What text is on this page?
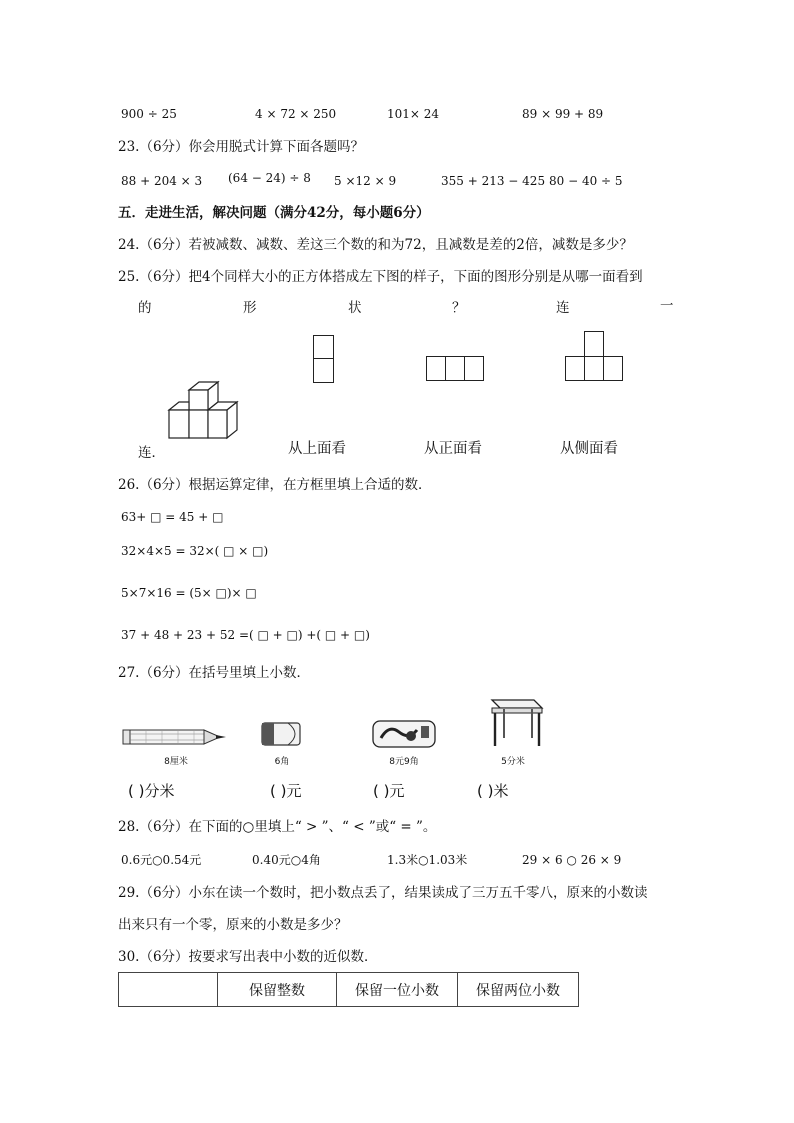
900 ÷ 25	4 × 72 × 250	101× 24	89 × 99 + 89
23.（6分）你会用脱式计算下面各题吗？
88 + 204 × 3 (64 − 24) ÷ 8 5 ×12 × 9	355 + 213 − 425 80 − 40 ÷ 5
五．走进生活，解决问题（满分42分，每小题6分）
24.（6分）若被减数、减数、差这三个数的和为72，且减数是差的2倍，减数是多少？
25.（6分）把4个同样大小的正方体搭成左下图的样子，下面的图形分别是从哪一面看到
的	形	状	？	连	一
连．	从上面看	从正面看	从侧面看
26.（6分）根据运算定律，在方框里填上合适的数．
63+ □ = 45 + □
32×4×5 = 32×( □ × □)
5×7×16 = (5× □)× □
37 + 48 + 23 + 52 =( □ + □) +( □ + □)
27.（6分）在括号里填上小数．
8厘米	6角	8元9角	5分米
( )分米	( )元	( )元	( )米
28.（6分）在下面的○里填上“ > ”、“ < ”或“ = ”。
0.6元○0.54元	0.40元○4角	1.3米○1.03米	29 × 6 ○ 26 × 9
29.（6分）小东在读一个数时，把小数点丢了，结果读成了三万五千零八，原来的小数读
出来只有一个零，原来的小数是多少？
30.（6分）按要求写出表中小数的近似数．
	保留整数	保留一位小数	保留两位小数
